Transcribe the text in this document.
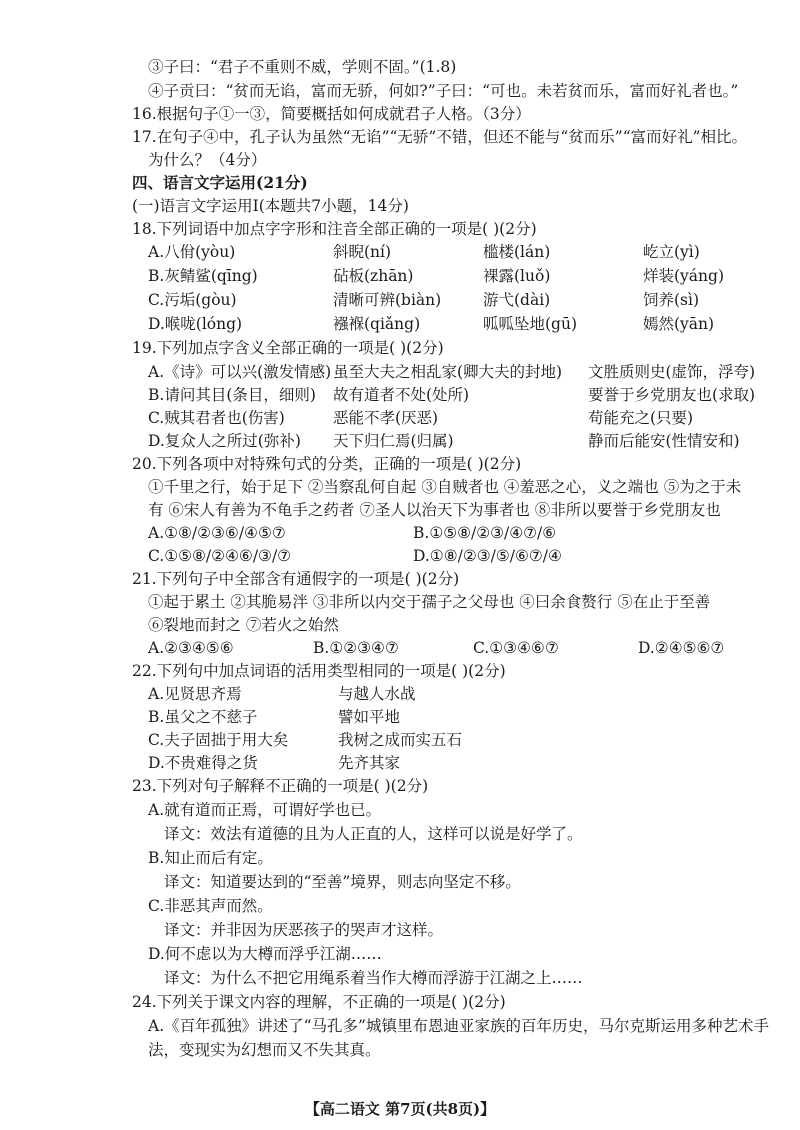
③子曰：“君子不重则不威，学则不固。”(1.8)
④子贡曰：“贫而无谄，富而无骄，何如?”子曰：“可也。未若贫而乐，富而好礼者也。”
16.根据句子①一③，简要概括如何成就君子人格。（3分）
17.在句子④中，孔子认为虽然“无谄”“无骄”不错，但还不能与“贫而乐”“富而好礼”相比。
为什么？（4分）
四、语言文字运用(21分)
(一)语言文字运用Ⅰ(本题共7小题，14分)
18.下列词语中加点字字形和注音全部正确的一项是( )(2分)
A.八佾(yòu)	斜睨(ní)	槛楼(lán)	屹立(yì)
B.灰鲭鲨(qīng)	砧板(zhān)	裸露(luǒ)	烊装(yáng)
C.污垢(gòu)	清晰可辨(biàn)	游弋(dài)	饲养(sì)
D.喉咙(lóng)	襁褓(qiǎng)	呱呱坠地(gū)	嫣然(yān)
19.下列加点字含义全部正确的一项是( )(2分)
A.《诗》可以兴(激发情感) 虽至大夫之相乱家(卿大夫的封地)	文胜质则史(虚饰，浮夸)
B.请问其目(条目，细则)	故有道者不处(处所)	要誉于乡党朋友也(求取)
C.贼其君者也(伤害)	恶能不孝(厌恶)	苟能充之(只要)
D.复众人之所过(弥补)	天下归仁焉(归属)	静而后能安(性情安和)
20.下列各项中对特殊句式的分类，正确的一项是( )(2分)
①千里之行，始于足下 ②当察乱何自起 ③自贼者也 ④羞恶之心，义之端也 ⑤为之于未
有 ⑥宋人有善为不龟手之药者 ⑦圣人以治天下为事者也 ⑧非所以要誉于乡党朋友也
A.①⑧/②③⑥/④⑤⑦	B.①⑤⑧/②③/④⑦/⑥
C.①⑤⑧/②④⑥/③/⑦	D.①⑧/②③/⑤/⑥⑦/④
21.下列句子中全部含有通假字的一项是( )(2分)
①起于累土 ②其脆易泮 ③非所以内交于孺子之父母也 ④曰余食赘行 ⑤在止于至善
⑥裂地而封之 ⑦若火之始然
A.②③④⑤⑥	B.①②③④⑦	C.①③④⑥⑦	D.②④⑤⑥⑦
22.下列句中加点词语的活用类型相同的一项是( )(2分)
A.见贤思齐焉	与越人水战
B.虽父之不慈子	譬如平地
C.夫子固拙于用大矣	我树之成而实五石
D.不贵难得之货	先齐其家
23.下列对句子解释不正确的一项是( )(2分)
A.就有道而正焉，可谓好学也已。
译文：效法有道德的且为人正直的人，这样可以说是好学了。
B.知止而后有定。
译文：知道要达到的“至善”境界，则志向坚定不移。
C.非恶其声而然。
译文：并非因为厌恶孩子的哭声才这样。
D.何不虑以为大樽而浮乎江湖……
译文：为什么不把它用绳系着当作大樽而浮游于江湖之上……
24.下列关于课文内容的理解，不正确的一项是( )(2分)
A.《百年孤独》讲述了“马孔多”城镇里布恩迪亚家族的百年历史，马尔克斯运用多种艺术手
法，变现实为幻想而又不失其真。
【高二语文 第7页(共8页)】
